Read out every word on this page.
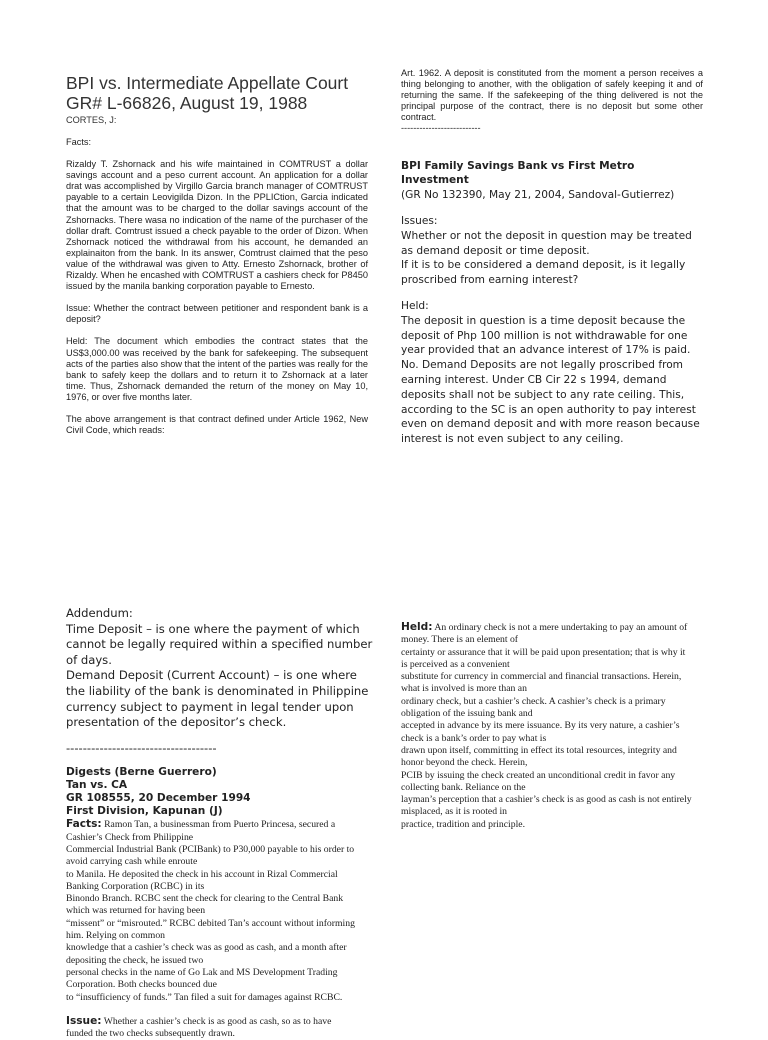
BPI vs. Intermediate Appellate Court
GR# L-66826, August 19, 1988
CORTES, J:

Facts:

Rizaldy T. Zshornack and his wife maintained in COMTRUST a dollar savings account and a peso current account. An application for a dollar drat was accomplished by Virgillo Garcia branch manager of COMTRUST payable to a certain Leovigilda Dizon. In the PPLICtion, Garcia indicated that the amount was to be charged to the dollar savings account of the Zshornacks. There wasa no indication of the name of the purchaser of the dollar draft. Comtrust issued a check payable to the order of Dizon. When Zshornack noticed the withdrawal from his account, he demanded an explainaiton from the bank. In its answer, Comtrust claimed that the peso value of the withdrawal was given to Atty. Ernesto Zshornack, brother of Rizaldy. When he encashed with COMTRUST a cashiers check for P8450 issued by the manila banking corporation payable to Ernesto.

Issue: Whether the contract between petitioner and respondent bank is a deposit?

Held: The document which embodies the contract states that the US$3,000.00 was received by the bank for safekeeping. The subsequent acts of the parties also show that the intent of the parties was really for the bank to safely keep the dollars and to return it to Zshornack at a later time. Thus, Zshornack demanded the return of the money on May 10, 1976, or over five months later.

The above arrangement is that contract defined under Article 1962, New Civil Code, which reads:

Art. 1962. A deposit is constituted from the moment a person receives a thing belonging to another, with the obligation of safely keeping it and of returning the same. If the safekeeping of the thing delivered is not the principal purpose of the contract, there is no deposit but some other contract.

--------------------------

BPI Family Savings Bank vs First Metro Investment

(GR No 132390, May 21, 2004, Sandoval-Gutierrez)

Issues:

Whether or not the deposit in question may be treated as demand deposit or time deposit.

If it is to be considered a demand deposit, is it legally proscribed from earning interest?

Held:

The deposit in question is a time deposit because the deposit of Php 100 million is not withdrawable for one year provided that an advance interest of 17% is paid. No. Demand Deposits are not legally proscribed from earning interest. Under CB Cir 22 s 1994, demand deposits shall not be subject to any rate ceiling. This, according to the SC is an open authority to pay interest even on demand deposit and with more reason because interest is not even subject to any ceiling.

Addendum:

Time Deposit – is one where the payment of which cannot be legally required within a specified number of days.

Demand Deposit (Current Account) – is one where the liability of the bank is denominated in Philippine currency subject to payment in legal tender upon presentation of the depositor’s check.

------------------------------------

Digests (Berne Guerrero)

Tan vs. CA

GR 108555, 20 December 1994

First Division, Kapunan (J)

Facts: Ramon Tan, a businessman from Puerto Princesa, secured a
Cashier’s Check from Philippine
Commercial Industrial Bank (PCIBank) to P30,000 payable to his order to
avoid carrying cash while enroute
to Manila. He deposited the check in his account in Rizal Commercial
Banking Corporation (RCBC) in its
Binondo Branch. RCBC sent the check for clearing to the Central Bank
which was returned for having been
“missent” or “misrouted.” RCBC debited Tan’s account without informing
him. Relying on common
knowledge that a cashier’s check was as good as cash, and a month after
depositing the check, he issued two
personal checks in the name of Go Lak and MS Development Trading
Corporation. Both checks bounced due
to “insufficiency of funds.” Tan filed a suit for damages against RCBC.
Issue: Whether a cashier’s check is as good as cash, so as to have
funded the two checks subsequently drawn.
Held: An ordinary check is not a mere undertaking to pay an amount of
money. There is an element of
certainty or assurance that it will be paid upon presentation; that is why it
is perceived as a convenient
substitute for currency in commercial and financial transactions. Herein,
what is involved is more than an
ordinary check, but a cashier’s check. A cashier’s check is a primary
obligation of the issuing bank and
accepted in advance by its mere issuance. By its very nature, a cashier’s
check is a bank’s order to pay what is
drawn upon itself, committing in effect its total resources, integrity and
honor beyond the check. Herein,
PCIB by issuing the check created an unconditional credit in favor any
collecting bank. Reliance on the
layman’s perception that a cashier’s check is as good as cash is not entirely
misplaced, as it is rooted in
practice, tradition and principle.
